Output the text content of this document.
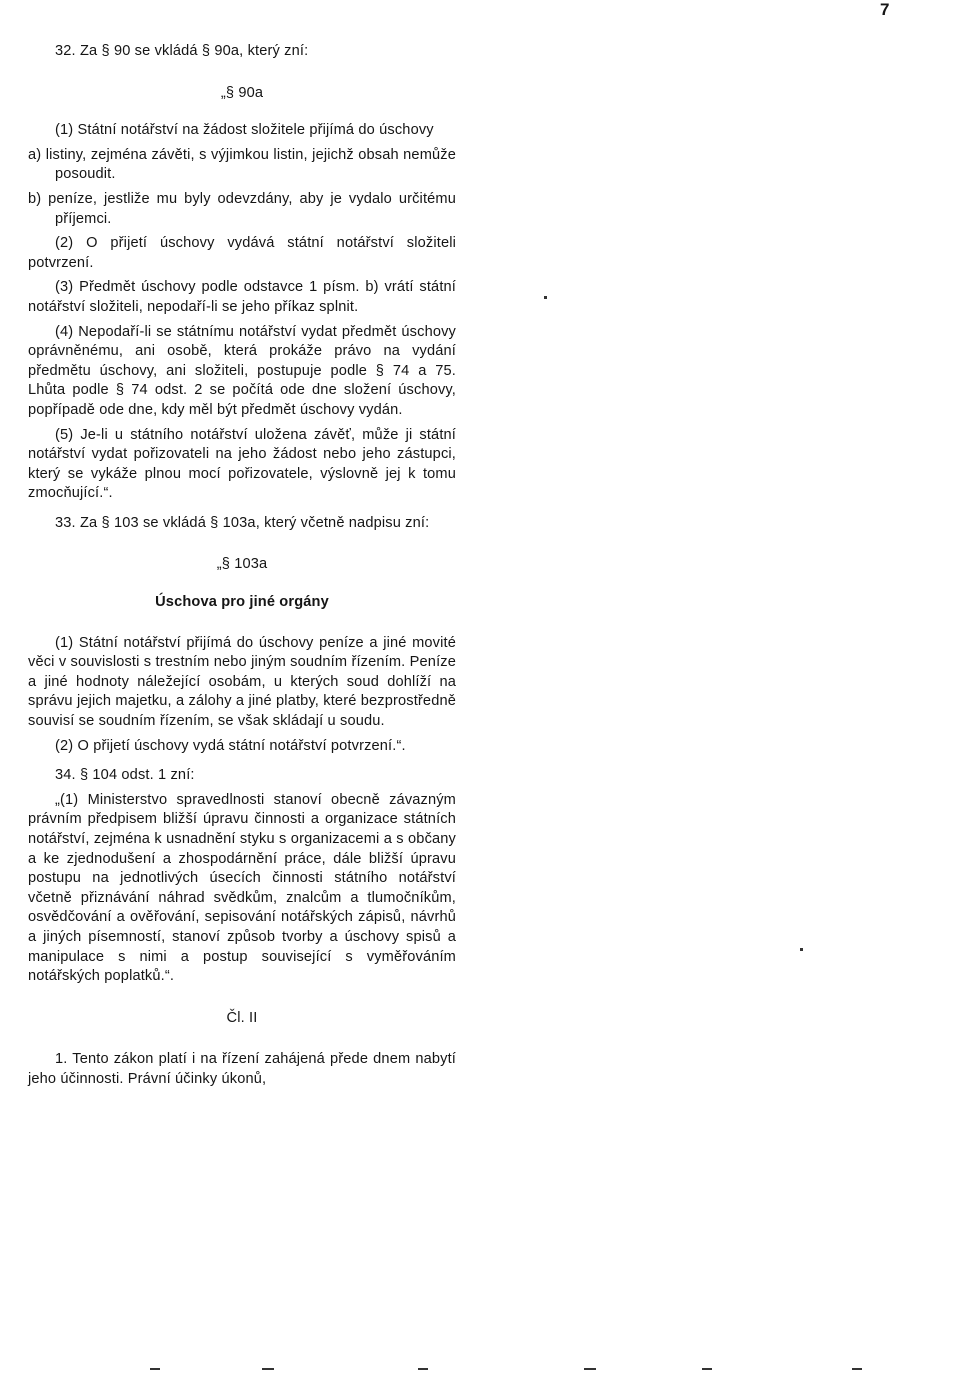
7

32. Za § 90 se vkládá § 90a, který zní:

„§ 90a

(1) Státní notářství na žádost složitele přijímá do úschovy

a) listiny, zejména závěti, s výjimkou listin, jejichž obsah nemůže posoudit.

b) peníze, jestliže mu byly odevzdány, aby je vydalo určitému příjemci.

(2) O přijetí úschovy vydává státní notářství složiteli potvrzení.

(3) Předmět úschovy podle odstavce 1 písm. b) vrátí státní notářství složiteli, nepodaří-li se jeho příkaz splnit.

(4) Nepodaří-li se státnímu notářství vydat předmět úschovy oprávněnému, ani osobě, která prokáže právo na vydání předmětu úschovy, ani složiteli, postupuje podle § 74 a 75. Lhůta podle § 74 odst. 2 se počítá ode dne složení úschovy, popřípadě ode dne, kdy měl být předmět úschovy vydán.

(5) Je-li u státního notářství uložena závěť, může ji státní notářství vydat pořizovateli na jeho žádost nebo jeho zástupci, který se vykáže plnou mocí pořizovatele, výslovně jej k tomu zmocňující.“.

33. Za § 103 se vkládá § 103a, který včetně nadpisu zní:

„§ 103a

Úschova pro jiné orgány

(1) Státní notářství přijímá do úschovy peníze a jiné movité věci v souvislosti s trestním nebo jiným soudním řízením. Peníze a jiné hodnoty náležející osobám, u kterých soud dohlíží na správu jejich majetku, a zálohy a jiné platby, které bezprostředně souvisí se soudním řízením, se však skládají u soudu.

(2) O přijetí úschovy vydá státní notářství potvrzení.“.

34. § 104 odst. 1 zní:

„(1) Ministerstvo spravedlnosti stanoví obecně závazným právním předpisem bližší úpravu činnosti a organizace státních notářství, zejména k usnadnění styku s organizacemi a s občany a ke zjednodušení a zhospodárnění práce, dále bližší úpravu postupu na jednotlivých úsecích činnosti státního notářství včetně přiznávání náhrad svědkům, znalcům a tlumočníkům, osvědčování a ověřování, sepisování notářských zápisů, návrhů a jiných písemností, stanoví způsob tvorby a úschovy spisů a manipulace s nimi a postup související s vyměřováním notářských poplatků.“.

Čl. II

1. Tento zákon platí i na řízení zahájená přede dnem nabytí jeho účinnosti. Právní účinky úkonů,
